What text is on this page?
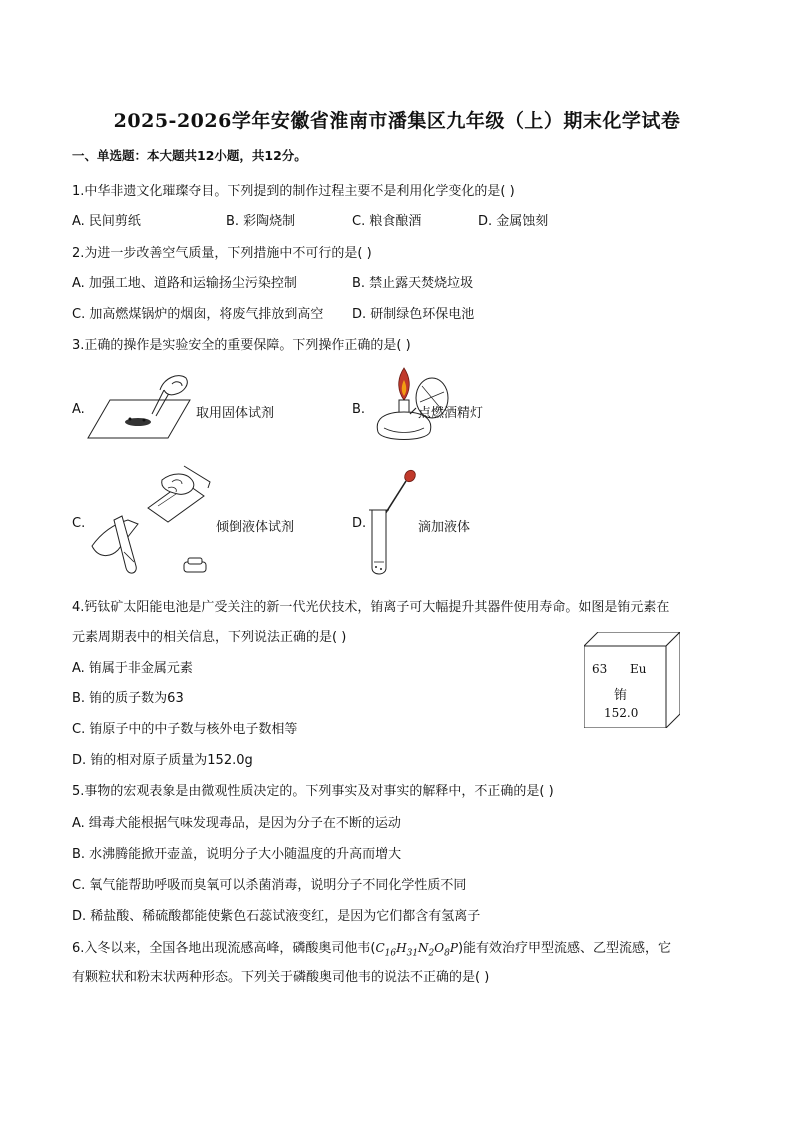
2025-2026学年安徽省淮南市潘集区九年级（上）期末化学试卷
一、单选题：本大题共12小题，共12分。
1.中华非遗文化璀璨夺目。下列提到的制作过程主要不是利用化学变化的是( )
A. 民间剪纸	B. 彩陶烧制	C. 粮食酿酒	D. 金属蚀刻
2.为进一步改善空气质量，下列措施中不可行的是( )
A. 加强工地、道路和运输扬尘污染控制	B. 禁止露天焚烧垃圾
C. 加高燃煤锅炉的烟囱，将废气排放到高空 D. 研制绿色环保电池
3.正确的操作是实验安全的重要保障。下列操作正确的是( )
A.	取用固体试剂	B.	点燃酒精灯
C.	倾倒液体试剂	D.	滴加液体
4.钙钛矿太阳能电池是广受关注的新一代光伏技术，铕离子可大幅提升其器件使用寿命。如图是铕元素在
元素周期表中的相关信息，下列说法正确的是( )
A. 铕属于非金属元素
B. 铕的质子数为63
C. 铕原子中的中子数与核外电子数相等
D. 铕的相对原子质量为152.0g
63 Eu
铕
152.0
5.事物的宏观表象是由微观性质决定的。下列事实及对事实的解释中，不正确的是( )
A. 缉毒犬能根据气味发现毒品，是因为分子在不断的运动
B. 水沸腾能掀开壶盖，说明分子大小随温度的升高而增大
C. 氧气能帮助呼吸而臭氧可以杀菌消毒，说明分子不同化学性质不同
D. 稀盐酸、稀硫酸都能使紫色石蕊试液变红，是因为它们都含有氢离子
6.入冬以来，全国各地出现流感高峰，磷酸奥司他韦$(C_{16}H_{31}N_2O_8P)$能有效治疗甲型流感、乙型流感，它
有颗粒状和粉末状两种形态。下列关于磷酸奥司他韦的说法不正确的是( )
